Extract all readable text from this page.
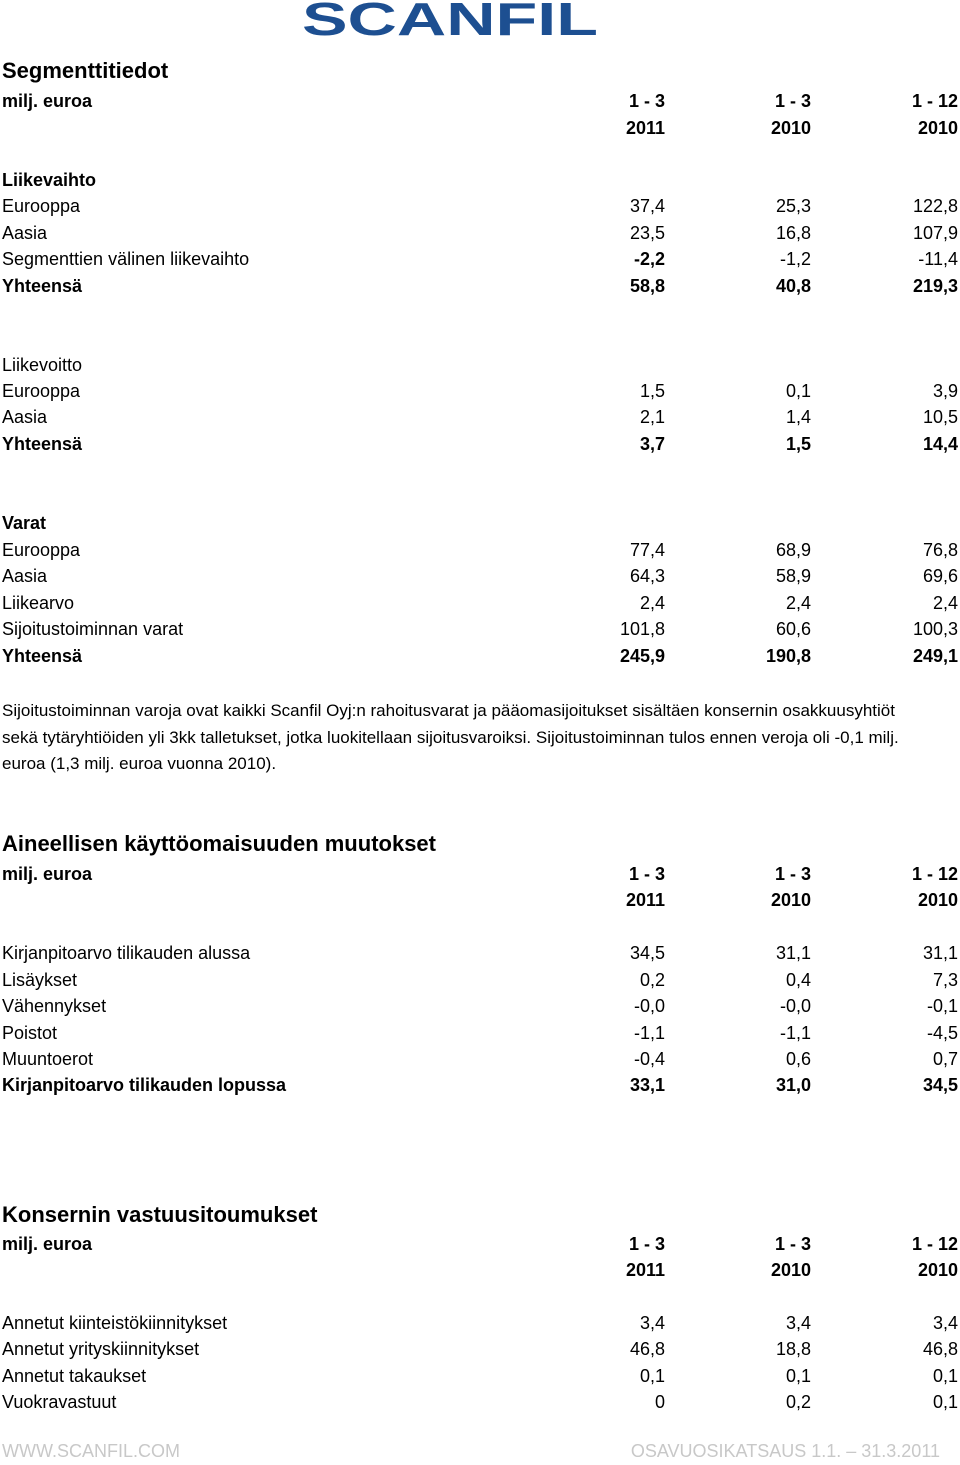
SCANFIL
Segmenttitiedot
milj. euroa	1 - 3	1 - 3	1 - 12
2011	2010	2010
Liikevaihto
Eurooppa	37,4	25,3	122,8
Aasia	23,5	16,8	107,9
Segmenttien välinen liikevaihto	-2,2	-1,2	-11,4
Yhteensä	58,8	40,8	219,3
Liikevoitto
Eurooppa	1,5	0,1	3,9
Aasia	2,1	1,4	10,5
Yhteensä	3,7	1,5	14,4
Varat
Eurooppa	77,4	68,9	76,8
Aasia	64,3	58,9	69,6
Liikearvo	2,4	2,4	2,4
Sijoitustoiminnan varat	101,8	60,6	100,3
Yhteensä	245,9	190,8	249,1
Sijoitustoiminnan varoja ovat kaikki Scanfil Oyj:n rahoitusvarat ja pääomasijoitukset sisältäen konsernin osakkuusyhtiöt sekä tytäryhtiöiden yli 3kk talletukset, jotka luokitellaan sijoitusvaroiksi. Sijoitustoiminnan tulos ennen veroja oli -0,1 milj. euroa (1,3 milj. euroa vuonna 2010).
Aineellisen käyttöomaisuuden muutokset
milj. euroa	1 - 3	1 - 3	1 - 12
2011	2010	2010
Kirjanpitoarvo tilikauden alussa	34,5	31,1	31,1
Lisäykset	0,2	0,4	7,3
Vähennykset	-0,0	-0,0	-0,1
Poistot	-1,1	-1,1	-4,5
Muuntoerot	-0,4	0,6	0,7
Kirjanpitoarvo tilikauden lopussa	33,1	31,0	34,5
Konsernin vastuusitoumukset
milj. euroa	1 - 3	1 - 3	1 - 12
2011	2010	2010
Annetut kiinteistökiinnitykset	3,4	3,4	3,4
Annetut yrityskiinnitykset	46,8	18,8	46,8
Annetut takaukset	0,1	0,1	0,1
Vuokravastuut	0	0,2	0,1
WWW.SCANFIL.COM	OSAVUOSIKATSAUS 1.1. – 31.3.2011
